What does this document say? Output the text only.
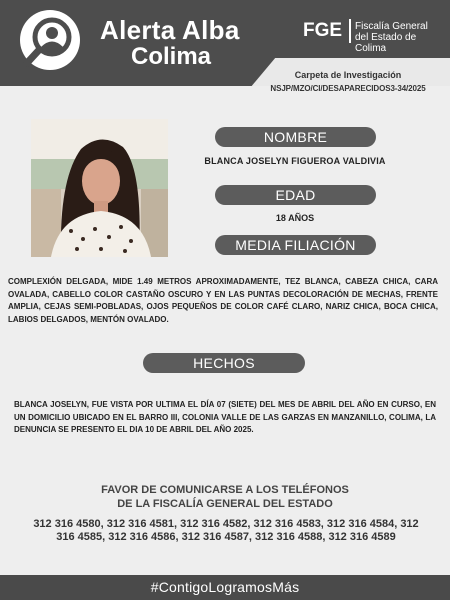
Alerta Alba
Colima
FGE Fiscalía General
del Estado de Colima
Carpeta de Investigación
NSJP/MZO/CI/DESAPARECIDOS3-34/2025
NOMBRE
BLANCA JOSELYN FIGUEROA VALDIVIA
EDAD
18 AÑOS
MEDIA FILIACIÓN
COMPLEXIÓN DELGADA, MIDE 1.49 METROS APROXIMADAMENTE, TEZ BLANCA, CABEZA CHICA, CARA OVALADA, CABELLO COLOR CASTAÑO OSCURO Y EN LAS PUNTAS DECOLORACIÓN DE MECHAS, FRENTE AMPLIA, CEJAS SEMI-POBLADAS, OJOS PEQUEÑOS DE COLOR CAFÉ CLARO, NARIZ CHICA, BOCA CHICA, LABIOS DELGADOS, MENTÓN OVALADO.
HECHOS
BLANCA JOSELYN, FUE VISTA POR ULTIMA EL DÍA 07 (SIETE) DEL MES DE ABRIL DEL AÑO EN CURSO, EN UN DOMICILIO UBICADO EN EL BARRO III, COLONIA VALLE DE LAS GARZAS EN MANZANILLO, COLIMA, LA DENUNCIA SE PRESENTO EL DIA 10 DE ABRIL DEL AÑO 2025.
FAVOR DE COMUNICARSE A LOS TELÉFONOS
DE LA FISCALÍA GENERAL DEL ESTADO
312 316 4580, 312 316 4581, 312 316 4582, 312 316 4583, 312 316 4584, 312 316 4585, 312 316 4586, 312 316 4587, 312 316 4588, 312 316 4589
#ContigoLogramosMás
